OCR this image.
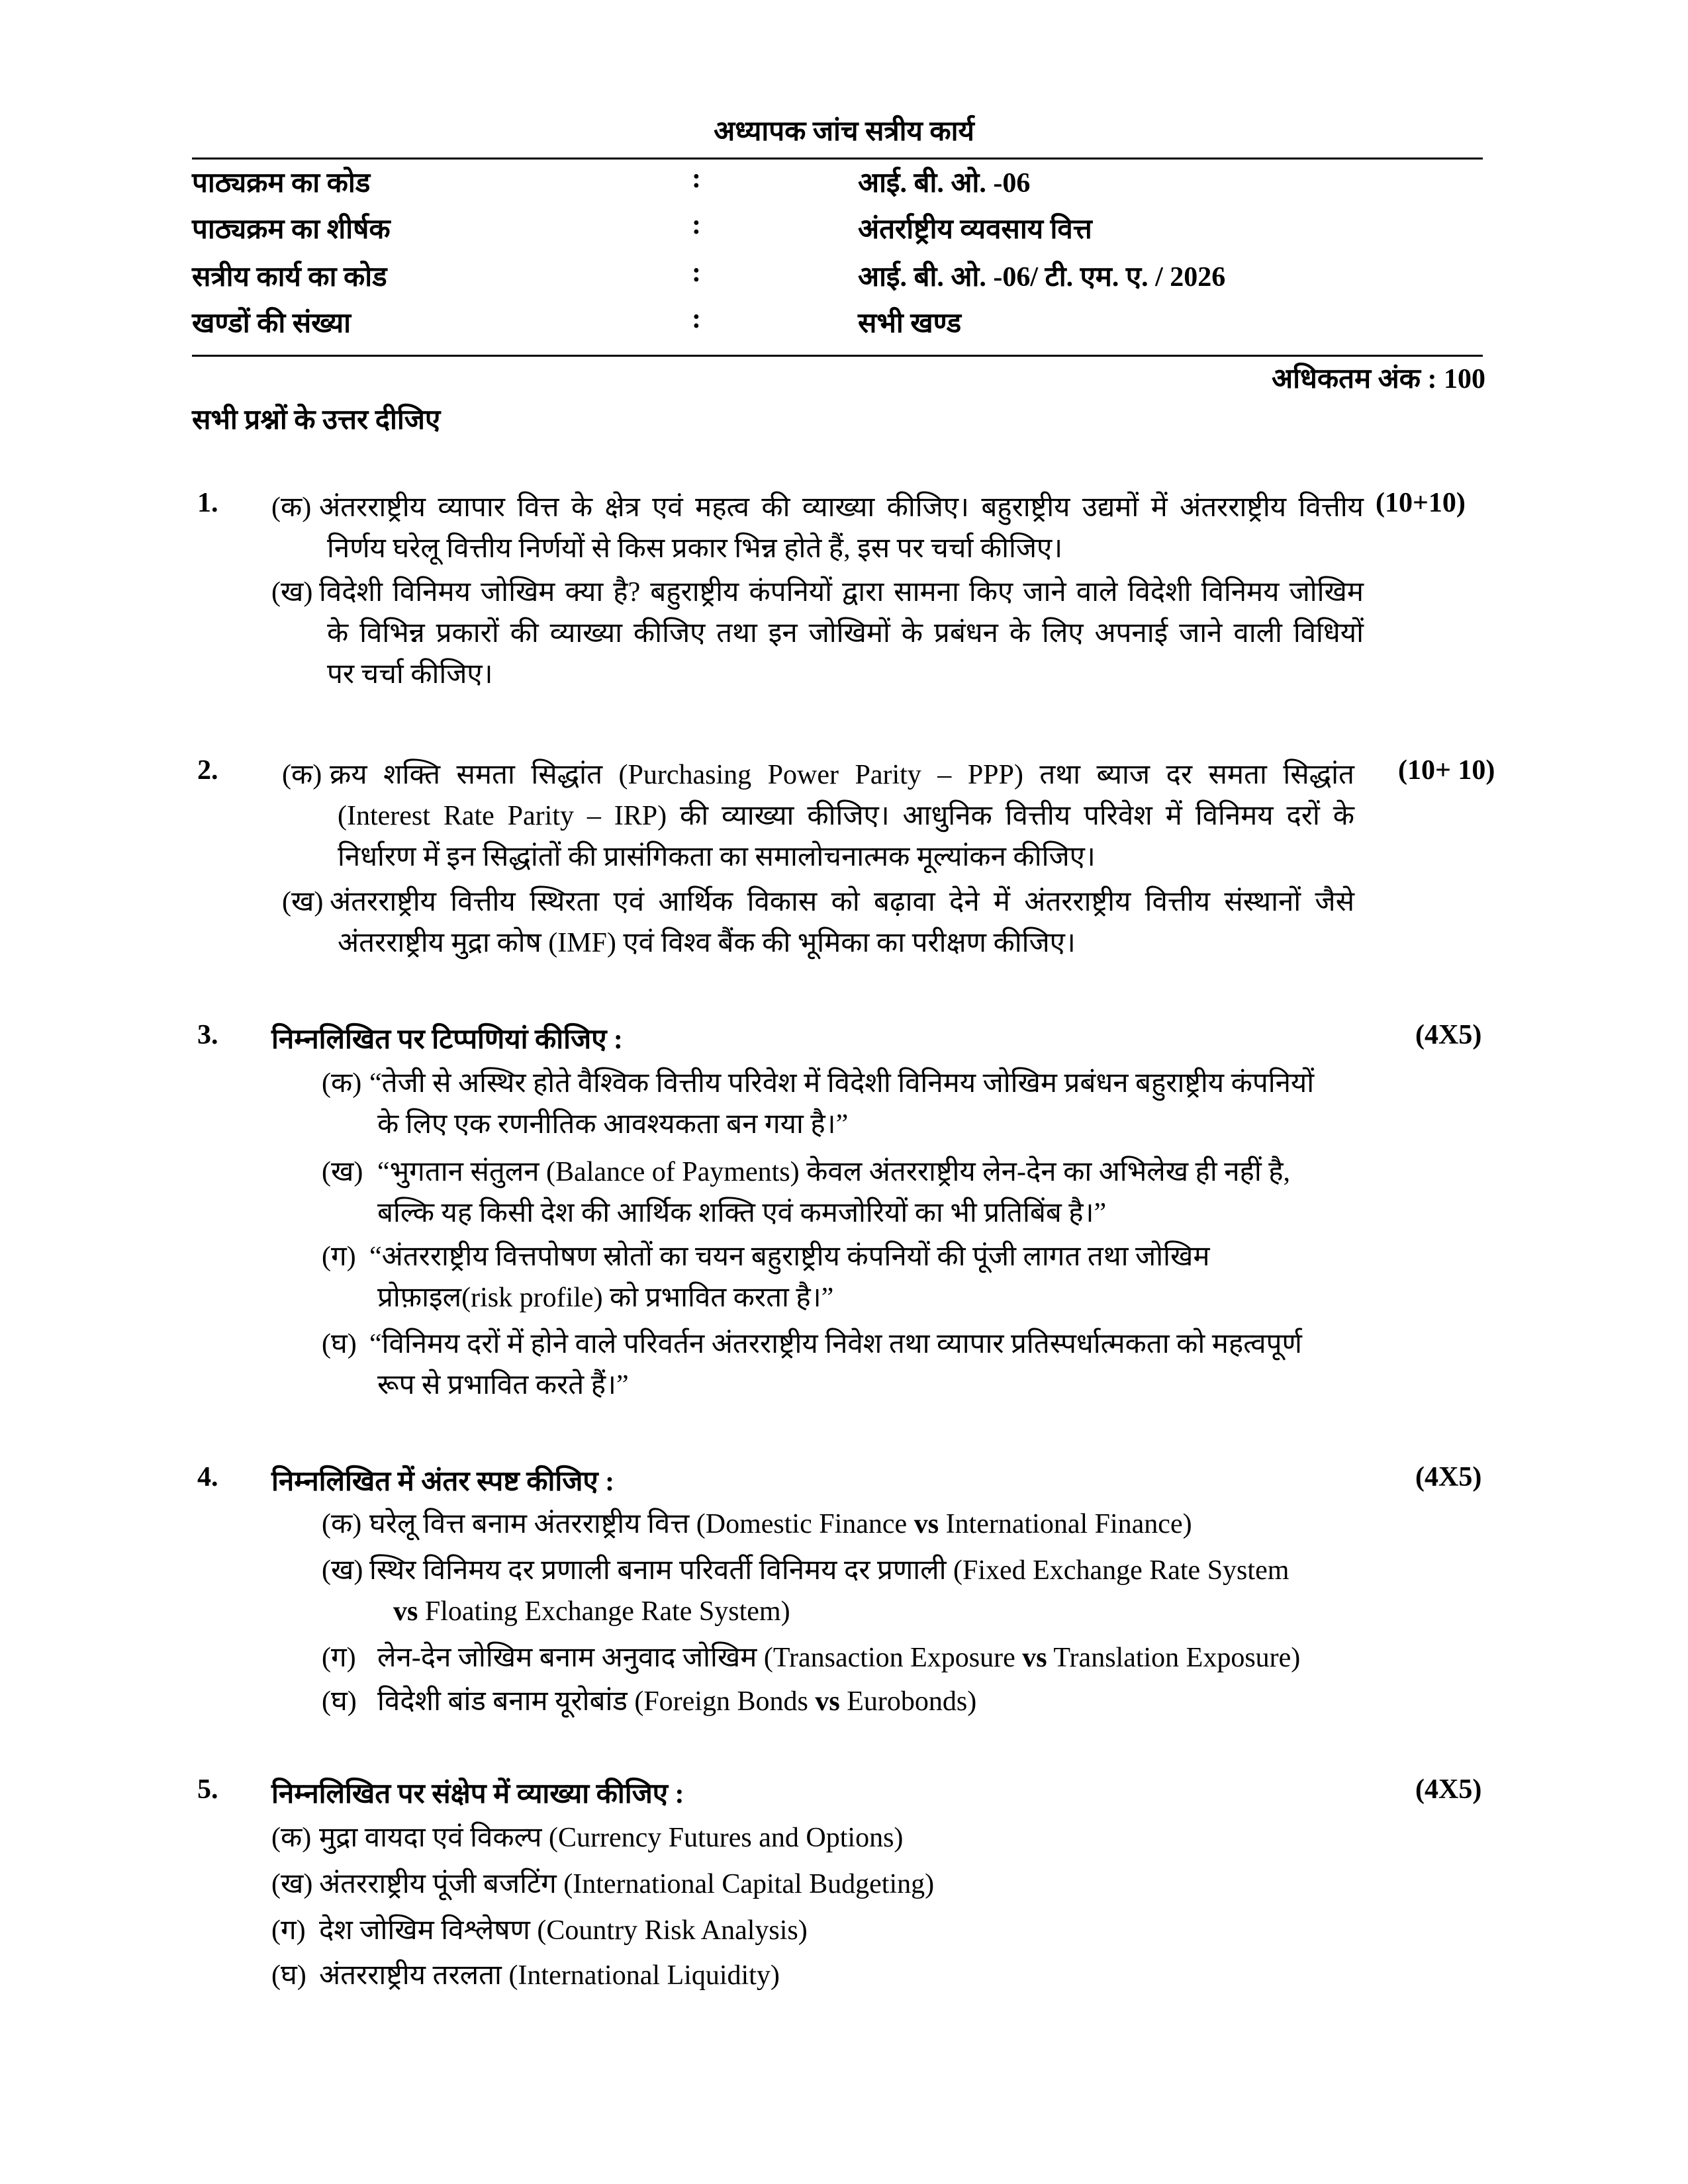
अध्यापक जांच सत्रीय कार्य
पाठ्यक्रम का कोड	:	आई. बी. ओ. -06
पाठ्यक्रम का शीर्षक	:	अंतर्राष्ट्रीय व्यवसाय वित्त
सत्रीय कार्य का कोड	:	आई. बी. ओ. -06/ टी. एम. ए. / 2026
खण्डों की संख्या	:	सभी खण्ड
अधिकतम अंक : 100
सभी प्रश्नों के उत्तर दीजिए
1.	(10+10)
(क) अंतरराष्ट्रीय व्यापार वित्त के क्षेत्र एवं महत्व की व्याख्या कीजिए। बहुराष्ट्रीय उद्यमों में अंतरराष्ट्रीय वित्तीय

निर्णय घरेलू वित्तीय निर्णयों से किस प्रकार भिन्न होते हैं, इस पर चर्चा कीजिए।

(ख) विदेशी विनिमय जोखिम क्या है? बहुराष्ट्रीय कंपनियों द्वारा सामना किए जाने वाले विदेशी विनिमय जोखिम

के विभिन्न प्रकारों की व्याख्या कीजिए तथा इन जोखिमों के प्रबंधन के लिए अपनाई जाने वाली विधियों

पर चर्चा कीजिए।

2.	(10+ 10)
(क) क्रय शक्ति समता सिद्धांत (Purchasing Power Parity – PPP) तथा ब्याज दर समता सिद्धांत

(Interest Rate Parity – IRP) की व्याख्या कीजिए। आधुनिक वित्तीय परिवेश में विनिमय दरों के

निर्धारण में इन सिद्धांतों की प्रासंगिकता का समालोचनात्मक मूल्यांकन कीजिए।

(ख) अंतरराष्ट्रीय वित्तीय स्थिरता एवं आर्थिक विकास को बढ़ावा देने में अंतरराष्ट्रीय वित्तीय संस्थानों जैसे

अंतरराष्ट्रीय मुद्रा कोष (IMF) एवं विश्व बैंक की भूमिका का परीक्षण कीजिए।

3. निम्नलिखित पर टिप्पणियां कीजिए :	(4X5)
(क) “तेजी से अस्थिर होते वैश्विक वित्तीय परिवेश में विदेशी विनिमय जोखिम प्रबंधन बहुराष्ट्रीय कंपनियों

के लिए एक रणनीतिक आवश्यकता बन गया है।”

(ख) “भुगतान संतुलन (Balance of Payments) केवल अंतरराष्ट्रीय लेन-देन का अभिलेख ही नहीं है,

बल्कि यह किसी देश की आर्थिक शक्ति एवं कमजोरियों का भी प्रतिबिंब है।”

(ग) “अंतरराष्ट्रीय वित्तपोषण स्रोतों का चयन बहुराष्ट्रीय कंपनियों की पूंजी लागत तथा जोखिम

प्रोफ़ाइल(risk profile) को प्रभावित करता है।”

(घ) “विनिमय दरों में होने वाले परिवर्तन अंतरराष्ट्रीय निवेश तथा व्यापार प्रतिस्पर्धात्मकता को महत्वपूर्ण

रूप से प्रभावित करते हैं।”

4. निम्नलिखित में अंतर स्पष्ट कीजिए :	(4X5)
(क) घरेलू वित्त बनाम अंतरराष्ट्रीय वित्त (Domestic Finance vs International Finance)

(ख) स्थिर विनिमय दर प्रणाली बनाम परिवर्ती विनिमय दर प्रणाली (Fixed Exchange Rate System

vs Floating Exchange Rate System)

(ग) लेन-देन जोखिम बनाम अनुवाद जोखिम (Transaction Exposure vs Translation Exposure)

(घ) विदेशी बांड बनाम यूरोबांड (Foreign Bonds vs Eurobonds)

5. निम्नलिखित पर संक्षेप में व्याख्या कीजिए :	(4X5)
(क) मुद्रा वायदा एवं विकल्प (Currency Futures and Options)

(ख) अंतरराष्ट्रीय पूंजी बजटिंग (International Capital Budgeting)

(ग) देश जोखिम विश्लेषण (Country Risk Analysis)

(घ) अंतरराष्ट्रीय तरलता (International Liquidity)
